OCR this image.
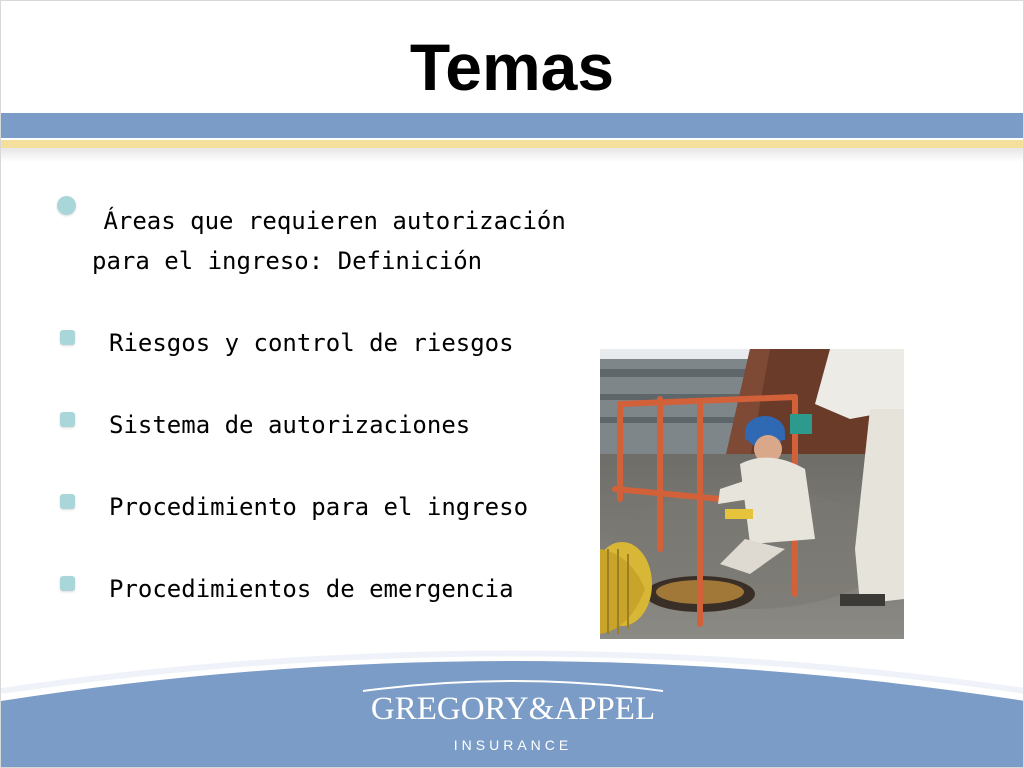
Temas
Áreas que requieren autorización
para el ingreso: Definición
Riesgos y control de riesgos
Sistema de autorizaciones
Procedimiento para el ingreso
Procedimientos de emergencia
GREGORY&APPEL
INSURANCE
